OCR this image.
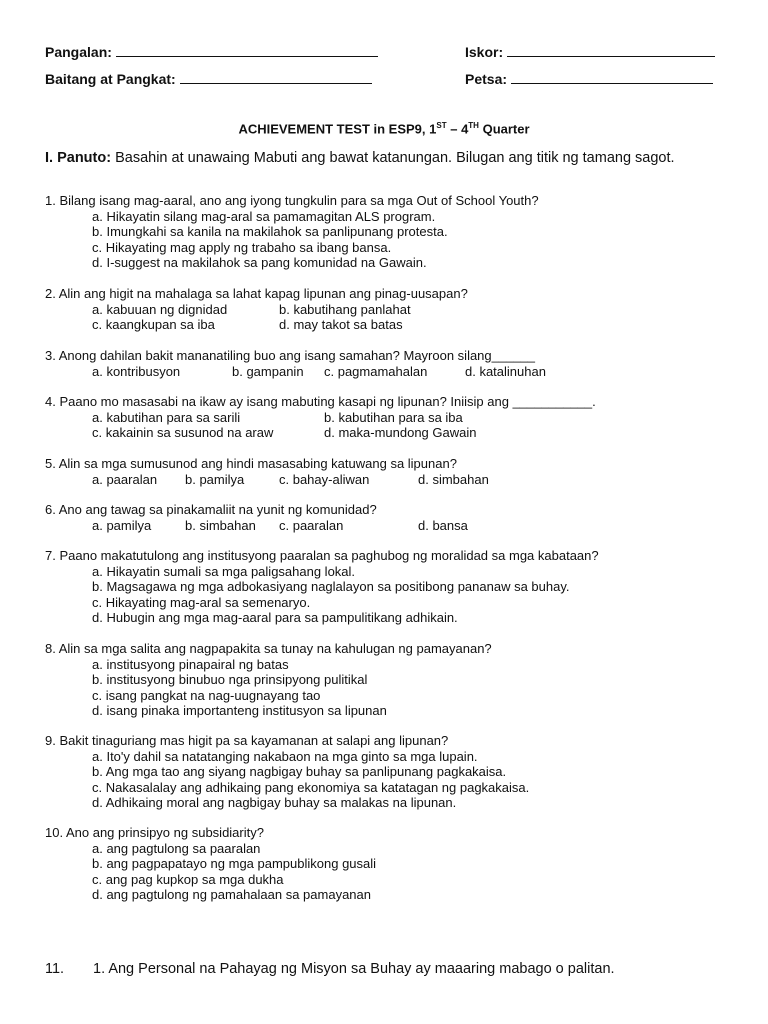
Pangalan:	Iskor:
Baitang at Pangkat:	Petsa:
ACHIEVEMENT TEST in ESP9, 1ST – 4TH Quarter
I. Panuto: Basahin at unawaing Mabuti ang bawat katanungan. Bilugan ang titik ng tamang sagot.
1. Bilang isang mag-aaral, ano ang iyong tungkulin para sa mga Out of School Youth?
a. Hikayatin silang mag-aral sa pamamagitan ALS program.
b. Imungkahi sa kanila na makilahok sa panlipunang protesta.
c. Hikayating mag apply ng trabaho sa ibang bansa.
d. I-suggest na makilahok sa pang komunidad na Gawain.
2. Alin ang higit na mahalaga sa lahat kapag lipunan ang pinag-uusapan?
a. kabuuan ng dignidad	b. kabutihang panlahat
c. kaangkupan sa iba	d. may takot sa batas
3. Anong dahilan bakit mananatiling buo ang isang samahan? Mayroon silang______
a. kontribusyon	b. gampanin c. pagmamahalan	d. katalinuhan
4. Paano mo masasabi na ikaw ay isang mabuting kasapi ng lipunan? Iniisip ang ___________.
a. kabutihan para sa sarili	b. kabutihan para sa iba
c. kakainin sa susunod na araw	d. maka-mundong Gawain
5. Alin sa mga sumusunod ang hindi masasabing katuwang sa lipunan?
a. paaralan b. pamilya	c. bahay-aliwan	d. simbahan
6. Ano ang tawag sa pinakamaliit na yunit ng komunidad?
a. pamilya	b. simbahan c. paaralan	d. bansa
7. Paano makatutulong ang institusyong paaralan sa paghubog ng moralidad sa mga kabataan?
a. Hikayatin sumali sa mga paligsahang lokal.
b. Magsagawa ng mga adbokasiyang naglalayon sa positibong pananaw sa buhay.
c. Hikayating mag-aral sa semenaryo.
d. Hubugin ang mga mag-aaral para sa pampulitikang adhikain.
8. Alin sa mga salita ang nagpapakita sa tunay na kahulugan ng pamayanan?
a. institusyong pinapairal ng batas
b. institusyong binubuo nga prinsipyong pulitikal
c. isang pangkat na nag-uugnayang tao
d. isang pinaka importanteng institusyon sa lipunan
9. Bakit tinaguriang mas higit pa sa kayamanan at salapi ang lipunan?
a. Ito'y dahil sa natatanging nakabaon na mga ginto sa mga lupain.
b. Ang mga tao ang siyang nagbigay buhay sa panlipunang pagkakaisa.
c. Nakasalalay ang adhikaing pang ekonomiya sa katatagan ng pagkakaisa.
d. Adhikaing moral ang nagbigay buhay sa malakas na lipunan.
10. Ano ang prinsipyo ng subsidiarity?
a. ang pagtulong sa paaralan
b. ang pagpapatayo ng mga pampublikong gusali
c. ang pag kupkop sa mga dukha
d. ang pagtulong ng pamahalaan sa pamayanan
11. 1. Ang Personal na Pahayag ng Misyon sa Buhay ay maaaring mabago o palitan.
